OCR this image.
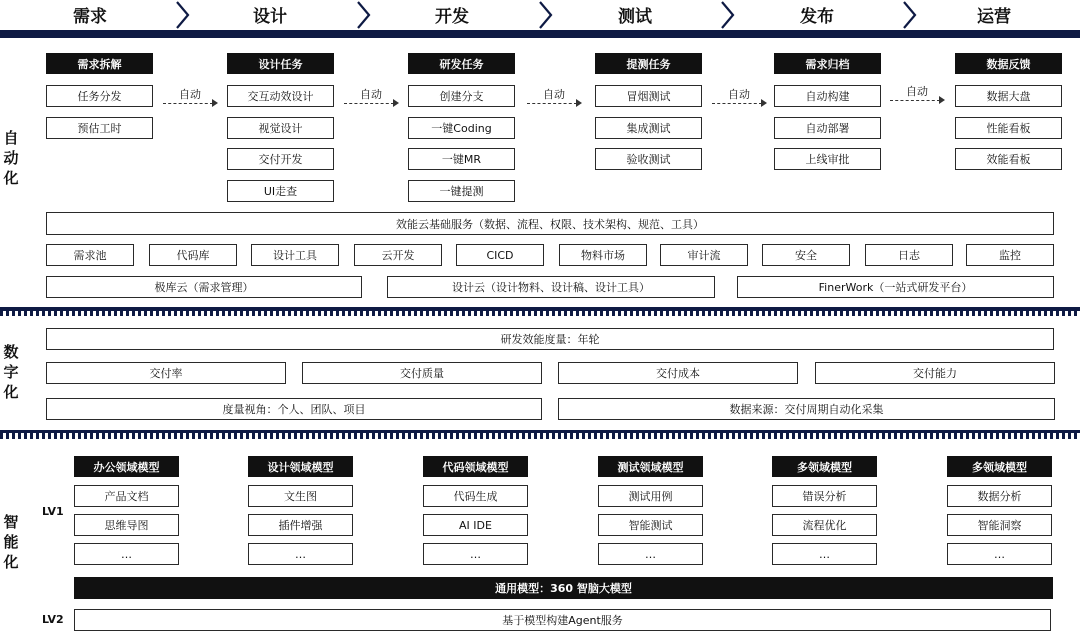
需求	设计	开发	测试	发布	运营
自动化
需求拆解
任务分发
预估工时
设计任务
交互动效设计
视觉设计
交付开发
UI走查
研发任务
创建分支
一键Coding
一键MR
一键提测
提测任务
冒烟测试
集成测试
验收测试
需求归档
自动构建
自动部署
上线审批
数据反馈
数据大盘
性能看板
效能看板
自动	自动	自动	自动	自动
效能云基础服务（数据、流程、权限、技术架构、规范、工具）
需求池	代码库	设计工具	云开发	CICD	物料市场	审计流	安全	日志	监控
极库云（需求管理）	设计云（设计物料、设计稿、设计工具）	FinerWork（一站式研发平台）
数字化
研发效能度量：年轮
交付率	交付质量	交付成本	交付能力
度量视角：个人、团队、项目	数据来源：交付周期自动化采集
智能化
LV1
LV2
办公领域模型
产品文档
思维导图
…
设计领域模型
文生图
插件增强
…
代码领域模型
代码生成
AI IDE
…
测试领域模型
测试用例
智能测试
…
多领域模型
错误分析
流程优化
…
多领域模型
数据分析
智能洞察
…
通用模型：360 智脑大模型
基于模型构建Agent服务
